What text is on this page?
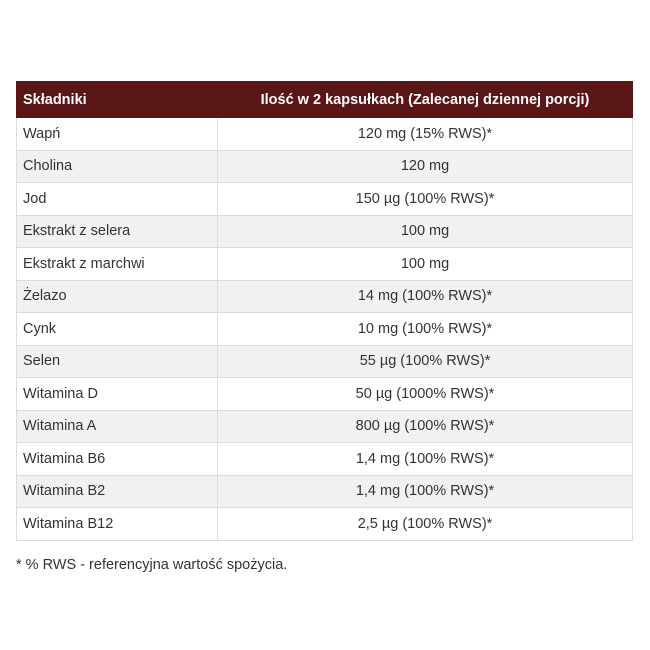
Składniki	Ilość w 2 kapsułkach (Zalecanej dziennej porcji)
Wapń	120 mg (15% RWS)*
Cholina	120 mg
Jod	150 µg (100% RWS)*
Ekstrakt z selera	100 mg
Ekstrakt z marchwi	100 mg
Żelazo	14 mg (100% RWS)*
Cynk	10 mg (100% RWS)*
Selen	55 µg (100% RWS)*
Witamina D	50 µg (1000% RWS)*
Witamina A	800 µg (100% RWS)*
Witamina B6	1,4 mg (100% RWS)*
Witamina B2	1,4 mg (100% RWS)*
Witamina B12	2,5 µg (100% RWS)*
* % RWS - referencyjna wartość spożycia.
